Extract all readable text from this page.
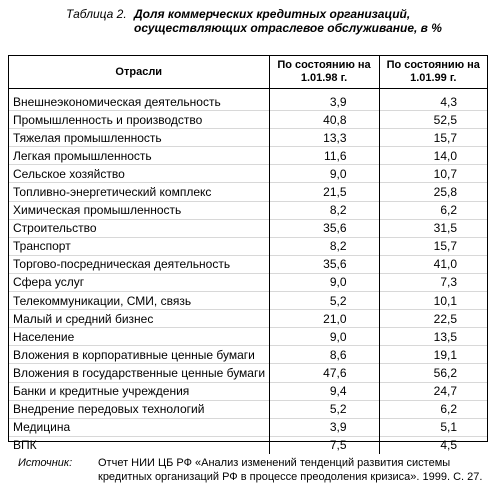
Таблица 2. Доля коммерческих кредитных организаций,
осуществляющих отраслевое обслуживание, в %
Отрасли	По состоянию на 1.01.98 г.	По состоянию на 1.01.99 г.
Внешнеэкономическая деятельность	3,9	4,3
Промышленность и производство	40,8	52,5
Тяжелая промышленность	13,3	15,7
Легкая промышленность	11,6	14,0
Сельское хозяйство	9,0	10,7
Топливно-энергетический комплекс	21,5	25,8
Химическая промышленность	8,2	6,2
Строительство	35,6	31,5
Транспорт	8,2	15,7
Торгово-посредническая деятельность	35,6	41,0
Сфера услуг	9,0	7,3
Телекоммуникации, СМИ, связь	5,2	10,1
Малый и средний бизнес	21,0	22,5
Население	9,0	13,5
Вложения в корпоративные ценные бумаги	8,6	19,1
Вложения в государственные ценные бумаги	47,6	56,2
Банки и кредитные учреждения	9,4	24,7
Внедрение передовых технологий	5,2	6,2
Медицина	3,9	5,1
ВПК	7,5	4,5
Источник: Отчет НИИ ЦБ РФ «Анализ изменений тенденций развития системы кредитных организаций РФ в процессе преодоления кризиса». 1999. С. 27.
